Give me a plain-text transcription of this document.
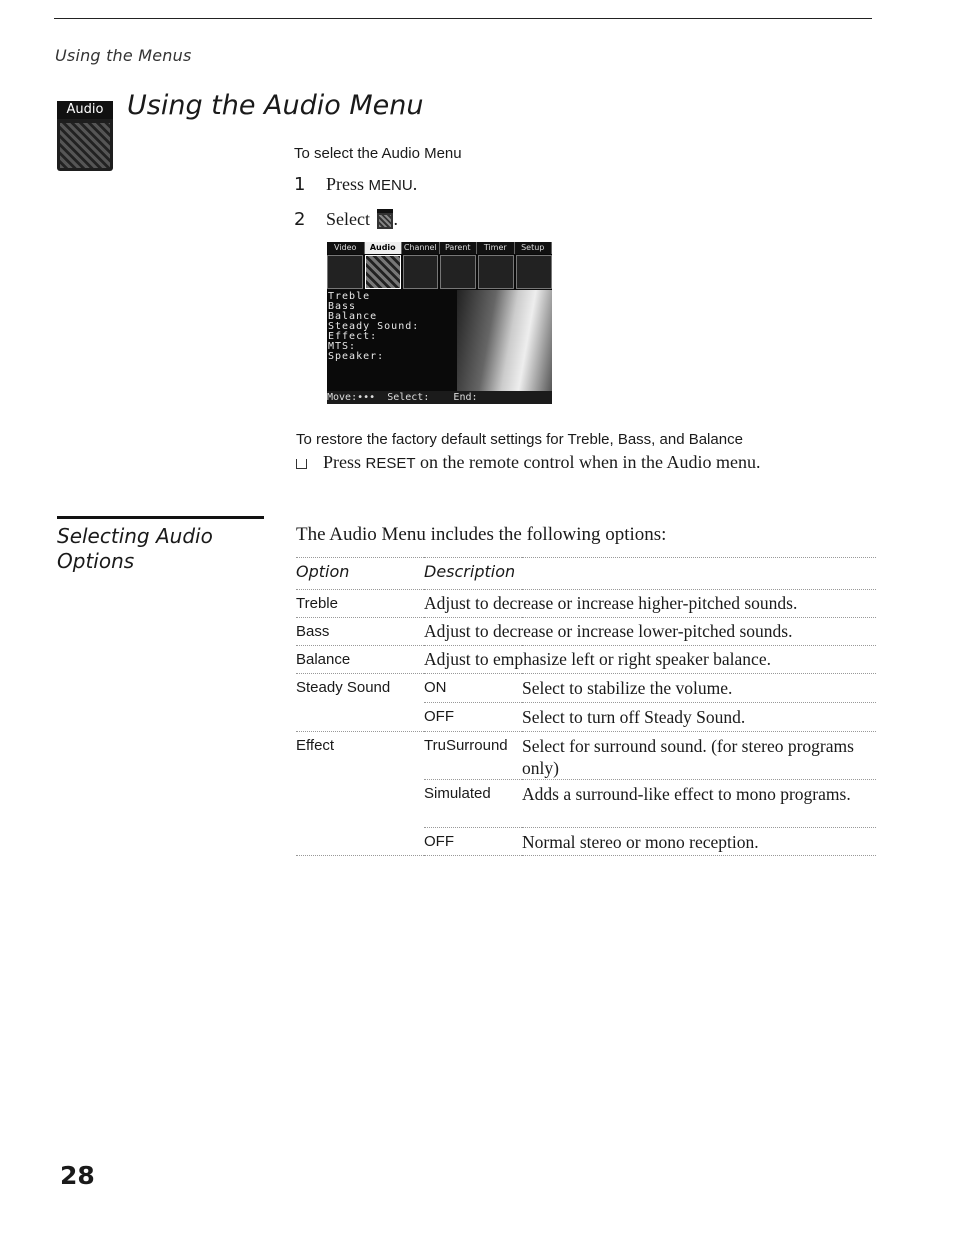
Using the Menus
Audio Using the Audio Menu
To select the Audio Menu
1 Press MENU.
2 Select .
Video	Audio	Channel	Parent	Timer	Setup
Treble
Bass
Balance
Steady Sound:
Effect:
MTS:
Speaker:
Move:•••  Select:    End:
To restore the factory default settings for Treble, Bass, and Balance
Press RESET on the remote control when in the Audio menu.
Selecting Audio Options
The Audio Menu includes the following options:
Option	Description	
Treble	Adjust to decrease or increase higher-pitched sounds.	
Bass	Adjust to decrease or increase lower-pitched sounds.	
Balance	Adjust to emphasize left or right speaker balance.	
Steady Sound	ON	Select to stabilize the volume.
	OFF	Select to turn off Steady Sound.
Effect	TruSurround	Select for surround sound. (for stereo programs only)
	Simulated	Adds a surround-like effect to mono programs.
	OFF	Normal stereo or mono reception.
28
